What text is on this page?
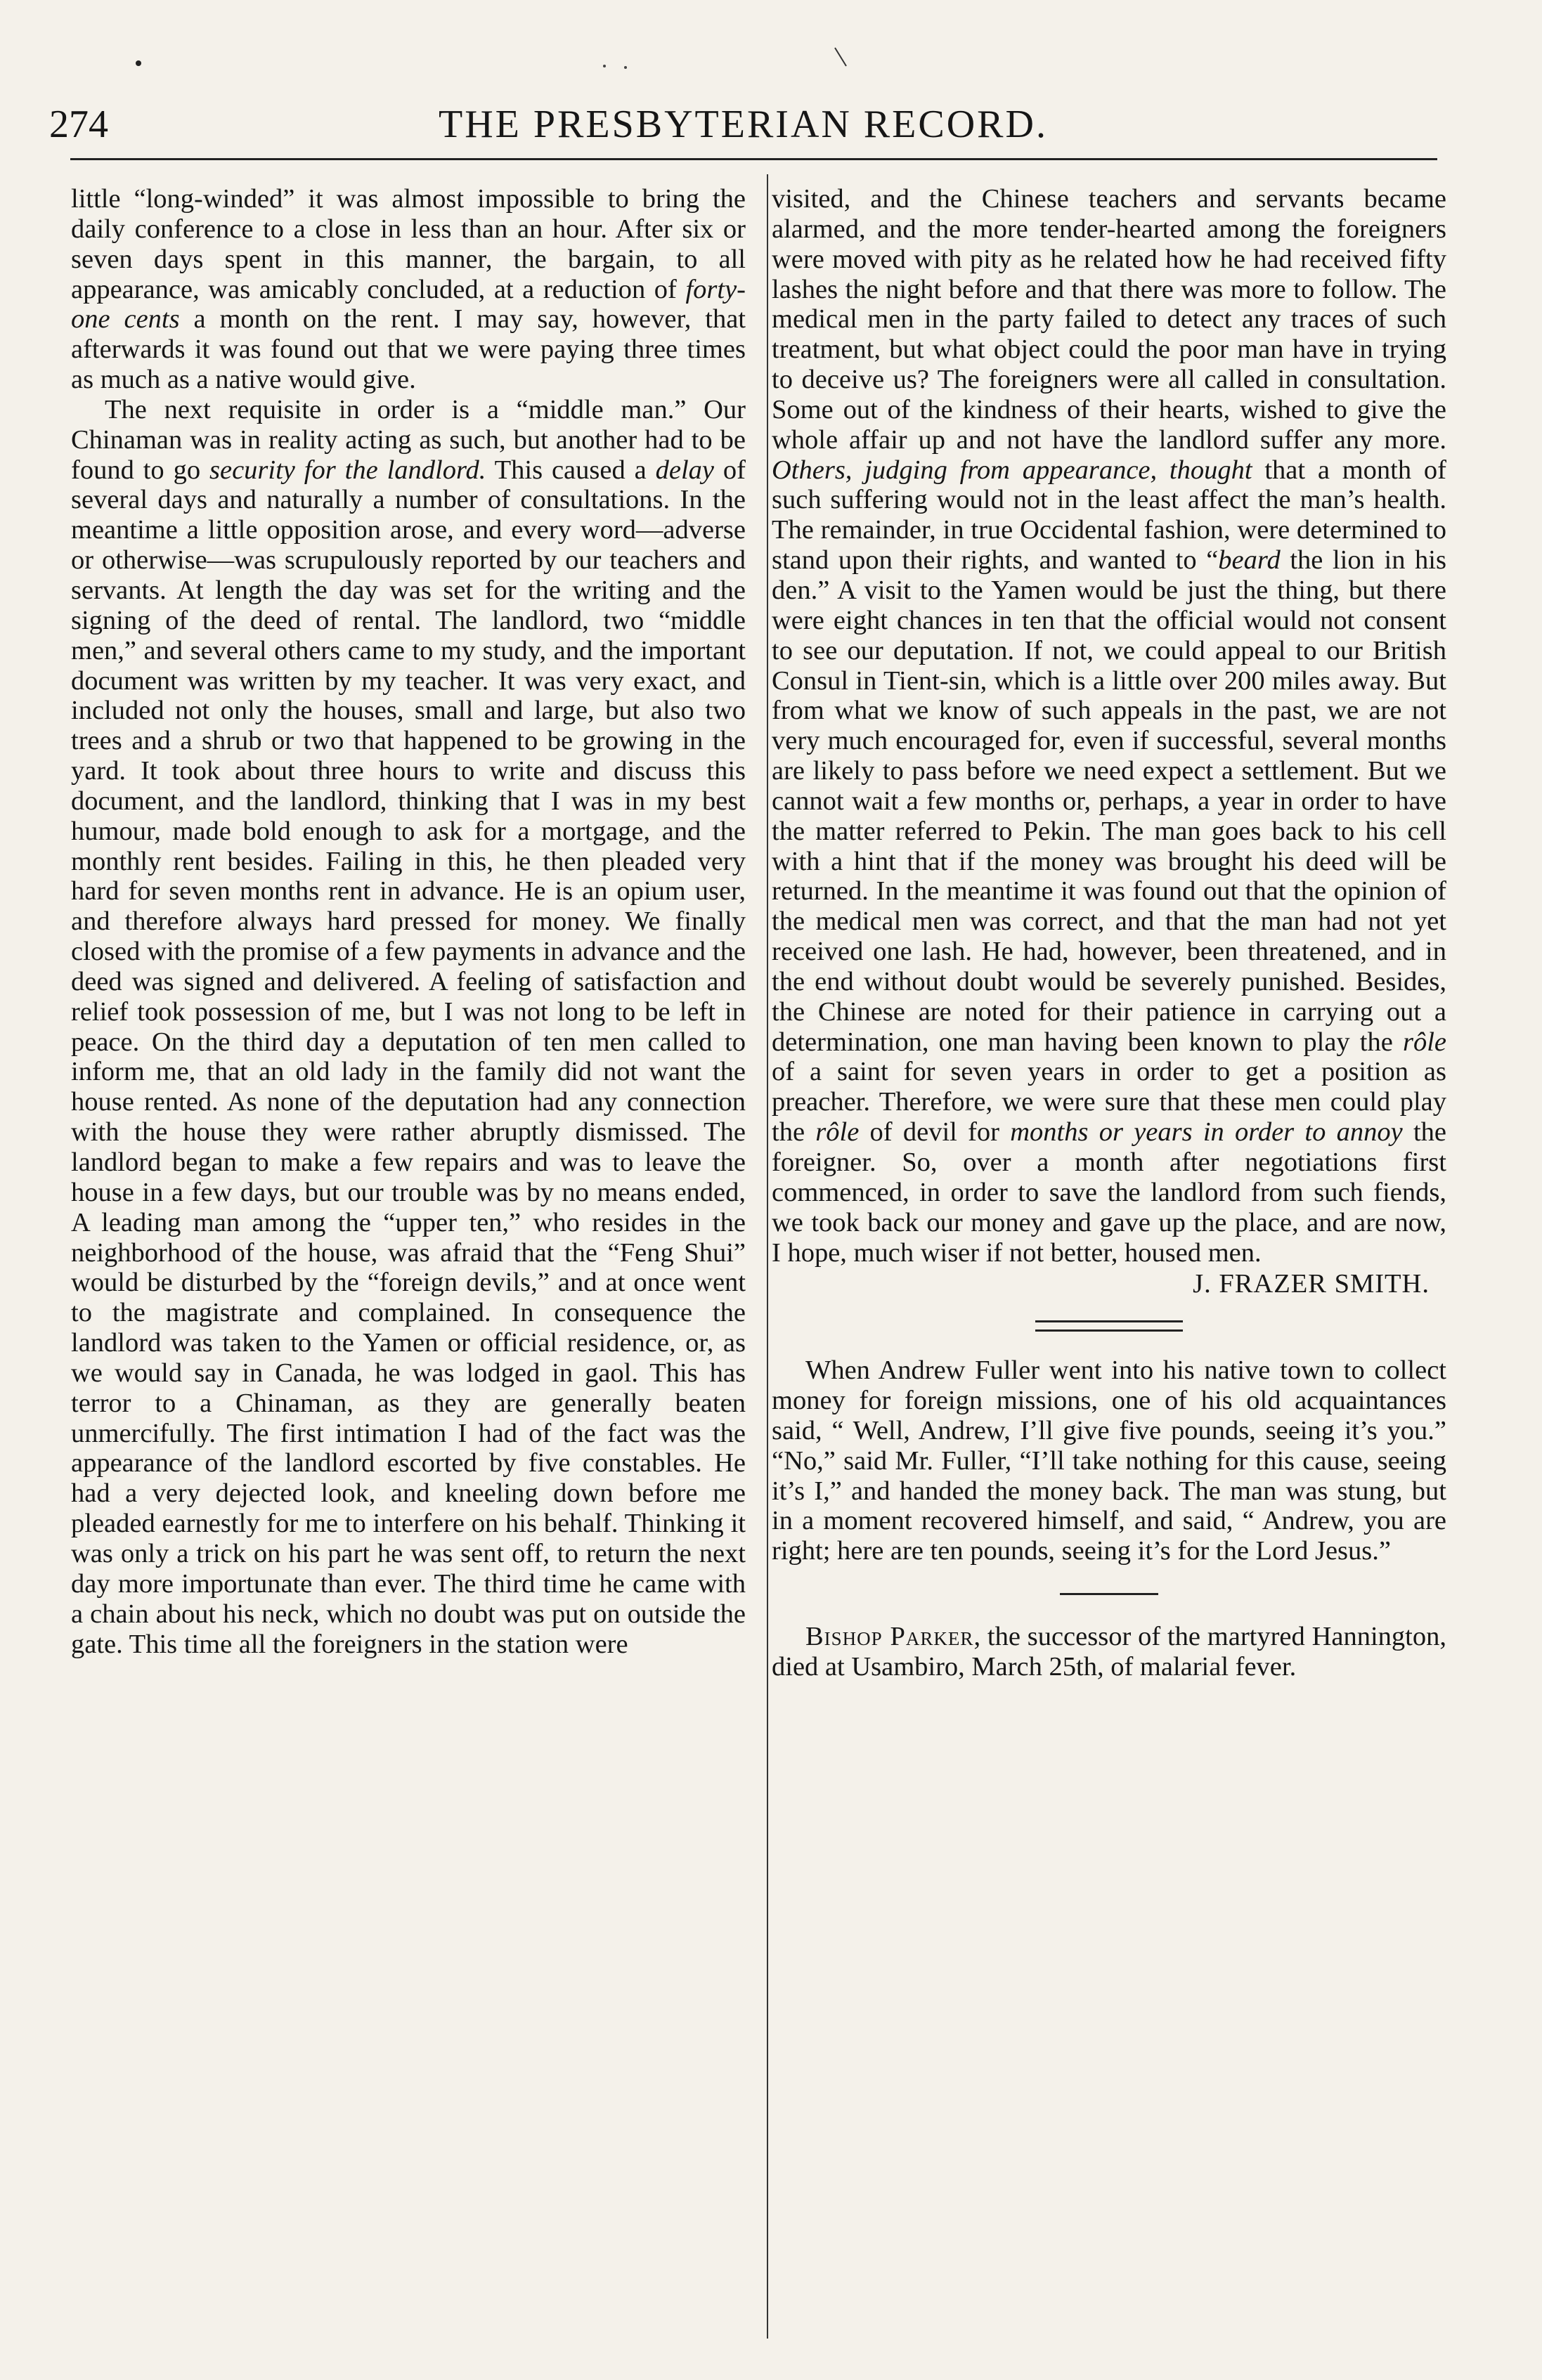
274	THE PRESBYTERIAN RECORD.

little “long-winded” it was almost impossible to bring the daily conference to a close in less than an hour. After six or seven days spent in this manner, the bargain, to all appearance, was amicably concluded, at a reduction of forty-one cents a month on the rent. I may say, however, that afterwards it was found out that we were paying three times as much as a native would give.

The next requisite in order is a “middle man.” Our Chinaman was in reality acting as such, but another had to be found to go security for the landlord. This caused a delay of several days and naturally a number of consultations. In the meantime a little opposition arose, and every word—adverse or otherwise—was scrupulously reported by our teachers and servants. At length the day was set for the writing and the signing of the deed of rental. The landlord, two “middle men,” and several others came to my study, and the important document was written by my teacher. It was very exact, and included not only the houses, small and large, but also two trees and a shrub or two that happened to be growing in the yard. It took about three hours to write and discuss this document, and the landlord, thinking that I was in my best humour, made bold enough to ask for a mortgage, and the monthly rent besides. Failing in this, he then pleaded very hard for seven months rent in advance. He is an opium user, and therefore always hard pressed for money. We finally closed with the promise of a few payments in advance and the deed was signed and delivered. A feeling of satisfaction and relief took possession of me, but I was not long to be left in peace. On the third day a deputation of ten men called to inform me, that an old lady in the family did not want the house rented. As none of the deputation had any connection with the house they were rather abruptly dismissed. The landlord began to make a few repairs and was to leave the house in a few days, but our trouble was by no means ended, A leading man among the “upper ten,” who resides in the neighborhood of the house, was afraid that the “Feng Shui” would be disturbed by the “foreign devils,” and at once went to the magistrate and complained. In consequence the landlord was taken to the Yamen or official residence, or, as we would say in Canada, he was lodged in gaol. This has terror to a Chinaman, as they are generally beaten unmercifully. The first intimation I had of the fact was the appearance of the landlord escorted by five constables. He had a very dejected look, and kneeling down before me pleaded earnestly for me to interfere on his behalf. Thinking it was only a trick on his part he was sent off, to return the next day more importunate than ever. The third time he came with a chain about his neck, which no doubt was put on outside the gate. This time all the foreigners in the station were

visited, and the Chinese teachers and servants became alarmed, and the more tender-hearted among the foreigners were moved with pity as he related how he had received fifty lashes the night before and that there was more to follow. The medical men in the party failed to detect any traces of such treatment, but what object could the poor man have in trying to deceive us? The foreigners were all called in consultation. Some out of the kindness of their hearts, wished to give the whole affair up and not have the landlord suffer any more. Others, judging from appearance, thought that a month of such suffering would not in the least affect the man’s health. The remainder, in true Occidental fashion, were determined to stand upon their rights, and wanted to “beard the lion in his den.” A visit to the Yamen would be just the thing, but there were eight chances in ten that the official would not consent to see our deputation. If not, we could appeal to our British Consul in Tient-sin, which is a little over 200 miles away. But from what we know of such appeals in the past, we are not very much encouraged for, even if successful, several months are likely to pass before we need expect a settlement. But we cannot wait a few months or, perhaps, a year in order to have the matter referred to Pekin. The man goes back to his cell with a hint that if the money was brought his deed will be returned. In the meantime it was found out that the opinion of the medical men was correct, and that the man had not yet received one lash. He had, however, been threatened, and in the end without doubt would be severely punished. Besides, the Chinese are noted for their patience in carrying out a determination, one man having been known to play the rôle of a saint for seven years in order to get a position as preacher. Therefore, we were sure that these men could play the rôle of devil for months or years in order to annoy the foreigner. So, over a month after negotiations first commenced, in order to save the landlord from such fiends, we took back our money and gave up the place, and are now, I hope, much wiser if not better, housed men.

J. FRAZER SMITH.

When Andrew Fuller went into his native town to collect money for foreign missions, one of his old acquaintances said, “ Well, Andrew, I’ll give five pounds, seeing it’s you.” “No,” said Mr. Fuller, “I’ll take nothing for this cause, seeing it’s I,” and handed the money back. The man was stung, but in a moment recovered himself, and said, “ Andrew, you are right; here are ten pounds, seeing it’s for the Lord Jesus.”

Bishop Parker, the successor of the martyred Hannington, died at Usambiro, March 25th, of malarial fever.
